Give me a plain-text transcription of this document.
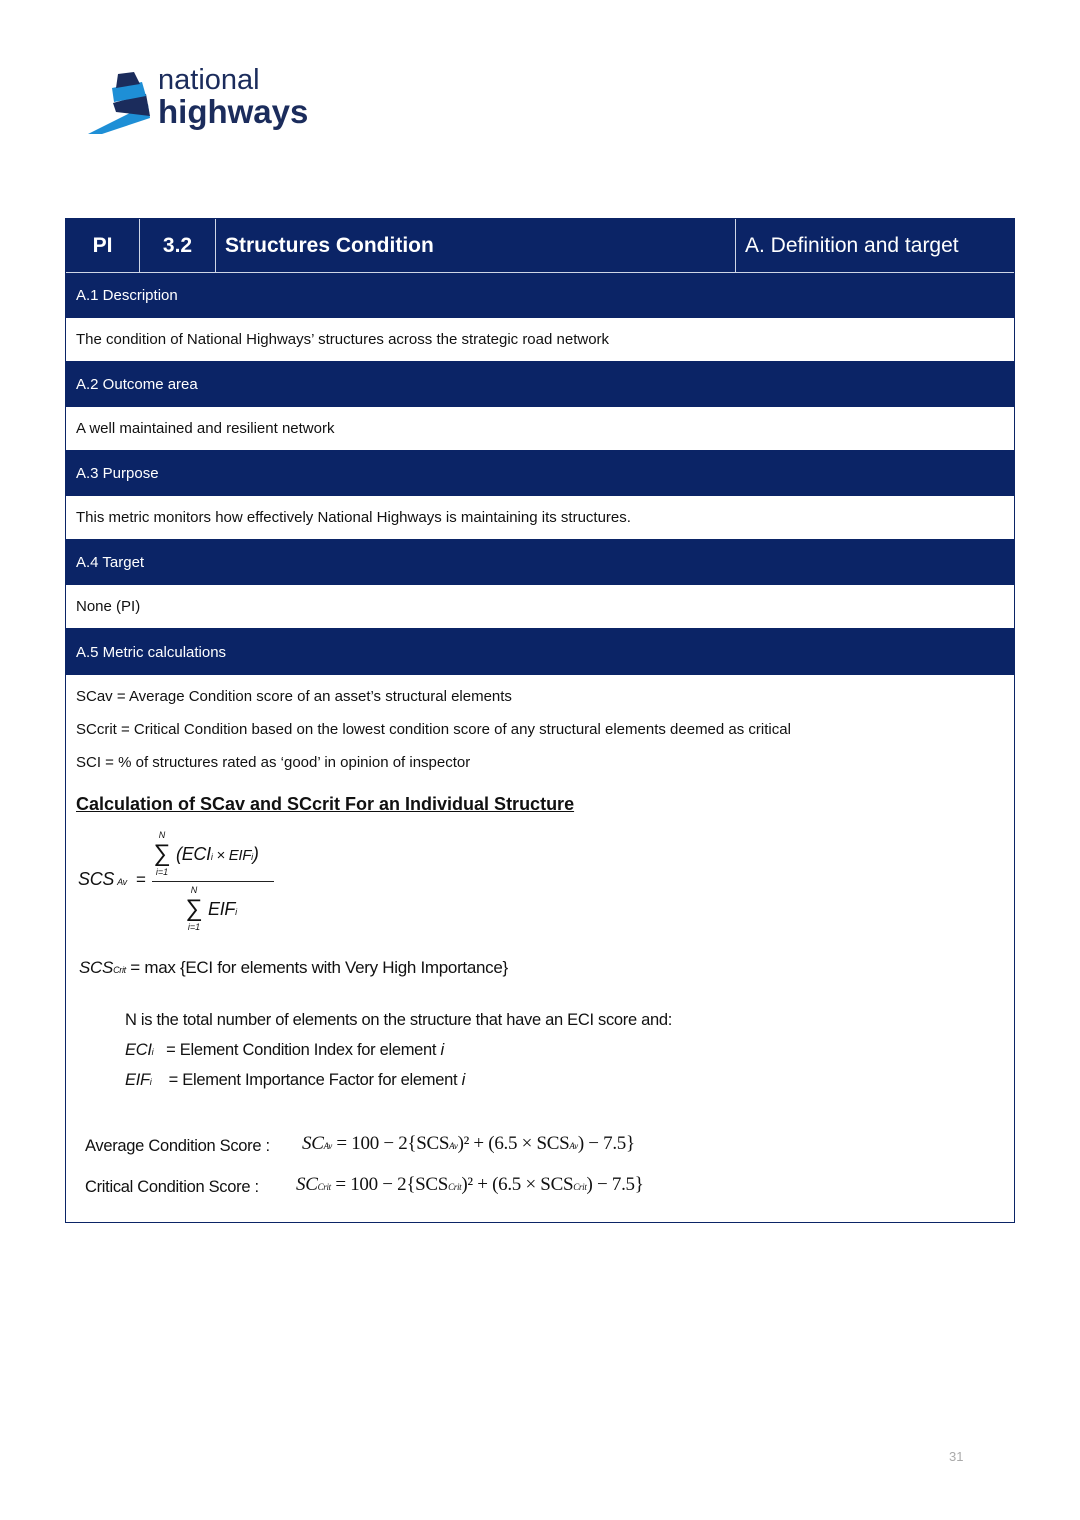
national
highways
PI	3.2	Structures Condition	A. Definition and target
A.1 Description
The condition of National Highways’ structures across the strategic road network
A.2 Outcome area
A well maintained and resilient network
A.3 Purpose
This metric monitors how effectively National Highways is maintaining its structures.
A.4 Target
None (PI)
A.5 Metric calculations
SCav = Average Condition score of an asset’s structural elements
SCcrit = Critical Condition based on the lowest condition score of any structural elements deemed as critical
SCI = % of structures rated as ‘good’ in opinion of inspector
Calculation of SCav and SCcrit For an Individual Structure
SCS Av =
N
∑
i=1
(ECIi × EIFi)
N
∑
i=1
EIFi
SCSCrit = max {ECI for elements with Very High Importance}
N is the total number of elements on the structure that have an ECI score and:
ECIi = Element Condition Index for element i
EIFi = Element Importance Factor for element i
Average Condition Score : SCAv = 100 − 2{SCSAv)² + (6.5 × SCSAv) − 7.5}
Critical Condition Score : SCCrit = 100 − 2{SCSCrit)² + (6.5 × SCSCrit) − 7.5}
31
